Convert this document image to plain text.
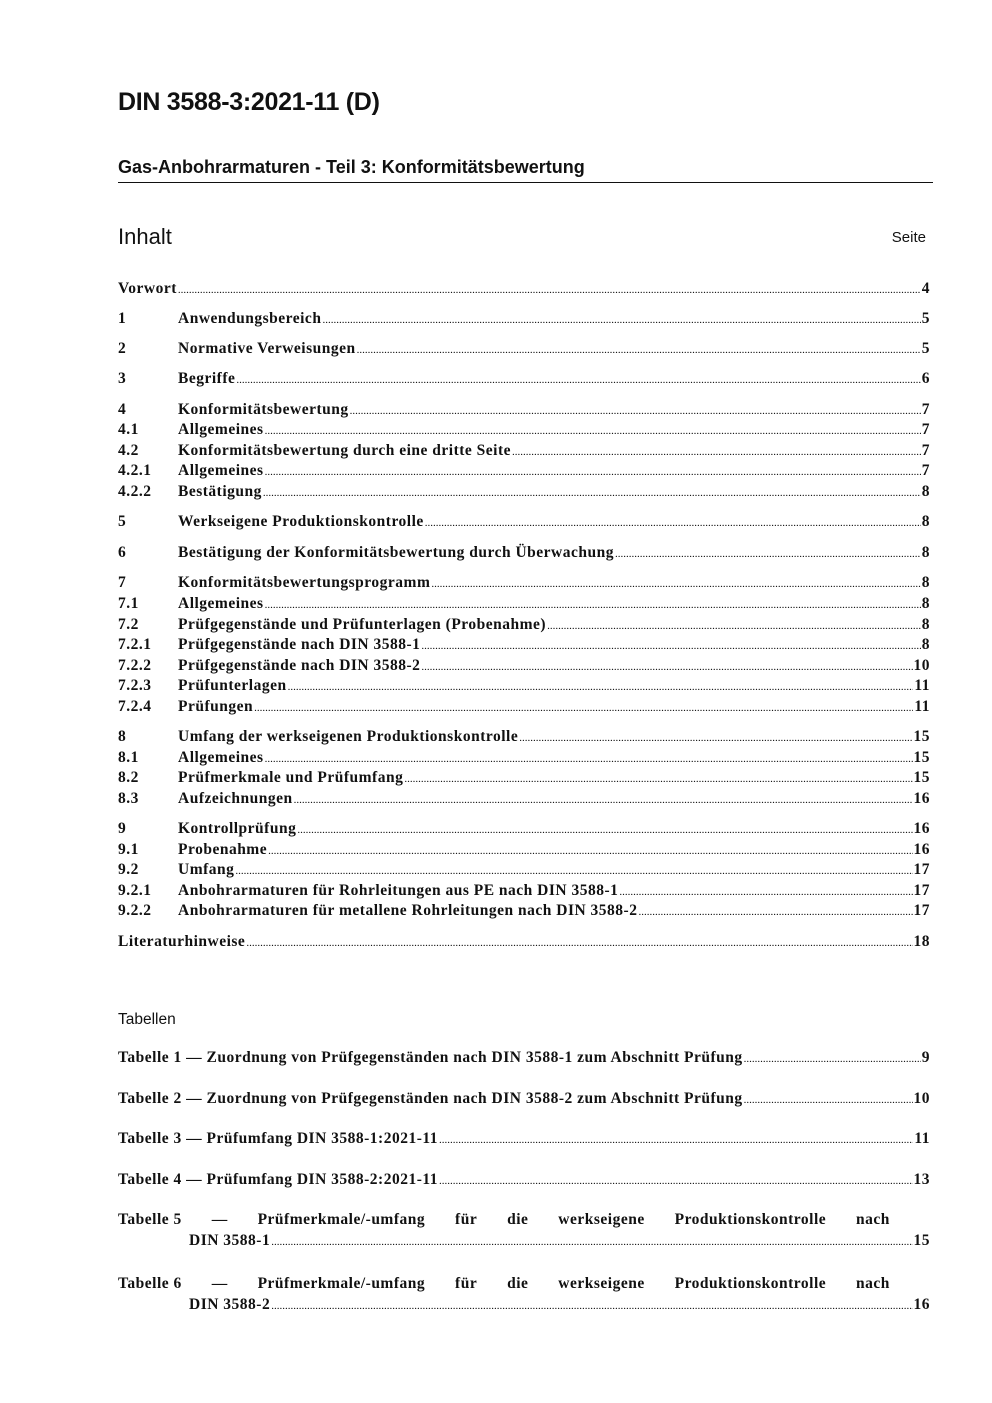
DIN 3588-3:2021-11 (D)
Gas-Anbohrarmaturen - Teil 3: Konformitätsbewertung
Inhalt	Seite
Vorwort .....	4
1	Anwendungsbereich .....	5
2	Normative Verweisungen .....	5
3	Begriffe .....	6
4	Konformitätsbewertung .....	7
4.1	Allgemeines .....	7
4.2	Konformitätsbewertung durch eine dritte Seite .....	7
4.2.1	Allgemeines .....	7
4.2.2	Bestätigung .....	8
5	Werkseigene Produktionskontrolle .....	8
6	Bestätigung der Konformitätsbewertung durch Überwachung .....	8
7	Konformitätsbewertungsprogramm .....	8
7.1	Allgemeines .....	8
7.2	Prüfgegenstände und Prüfunterlagen (Probenahme) .....	8
7.2.1	Prüfgegenstände nach DIN 3588-1 .....	8
7.2.2	Prüfgegenstände nach DIN 3588-2 .....	10
7.2.3	Prüfunterlagen .....	11
7.2.4	Prüfungen .....	11
8	Umfang der werkseigenen Produktionskontrolle .....	15
8.1	Allgemeines .....	15
8.2	Prüfmerkmale und Prüfumfang .....	15
8.3	Aufzeichnungen .....	16
9	Kontrollprüfung .....	16
9.1	Probenahme .....	16
9.2	Umfang .....	17
9.2.1	Anbohrarmaturen für Rohrleitungen aus PE nach DIN 3588-1 .....	17
9.2.2	Anbohrarmaturen für metallene Rohrleitungen nach DIN 3588-2 .....	17
Literaturhinweise .....	18
Tabellen
Tabelle 1 — Zuordnung von Prüfgegenständen nach DIN 3588-1 zum Abschnitt Prüfung .....	9
Tabelle 2 — Zuordnung von Prüfgegenständen nach DIN 3588-2 zum Abschnitt Prüfung .....	10
Tabelle 3 — Prüfumfang DIN 3588-1:2021-11 .....	11
Tabelle 4 — Prüfumfang DIN 3588-2:2021-11 .....	13
Tabelle 5 — Prüfmerkmale/-umfang für die werkseigene Produktionskontrolle nach
DIN 3588-1 .....	15
Tabelle 6 — Prüfmerkmale/-umfang für die werkseigene Produktionskontrolle nach
DIN 3588-2 .....	16
